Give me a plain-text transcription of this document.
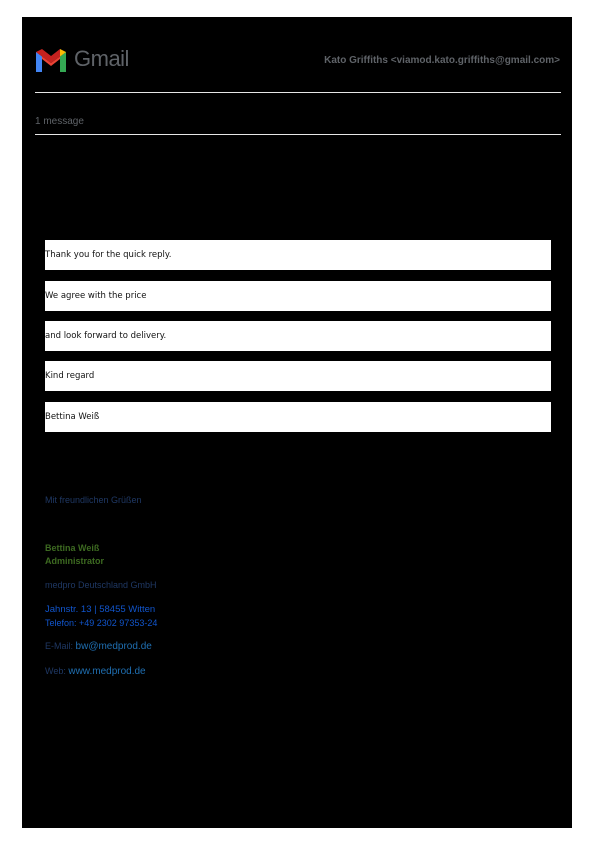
Gmail	Kato Griffiths <viamod.kato.griffiths@gmail.com>
1 message
Thank you for the quick reply.
We agree with the price
and look forward to delivery.
Kind regard
Bettina Weiß
Mit freundlichen Grüßen
Bettina Weiß
Administrator
medpro Deutschland GmbH
Jahnstr. 13 | 58455 Witten
Telefon: +49 2302 97353-24
E-Mail: bw@medprod.de
Web: www.medprod.de
